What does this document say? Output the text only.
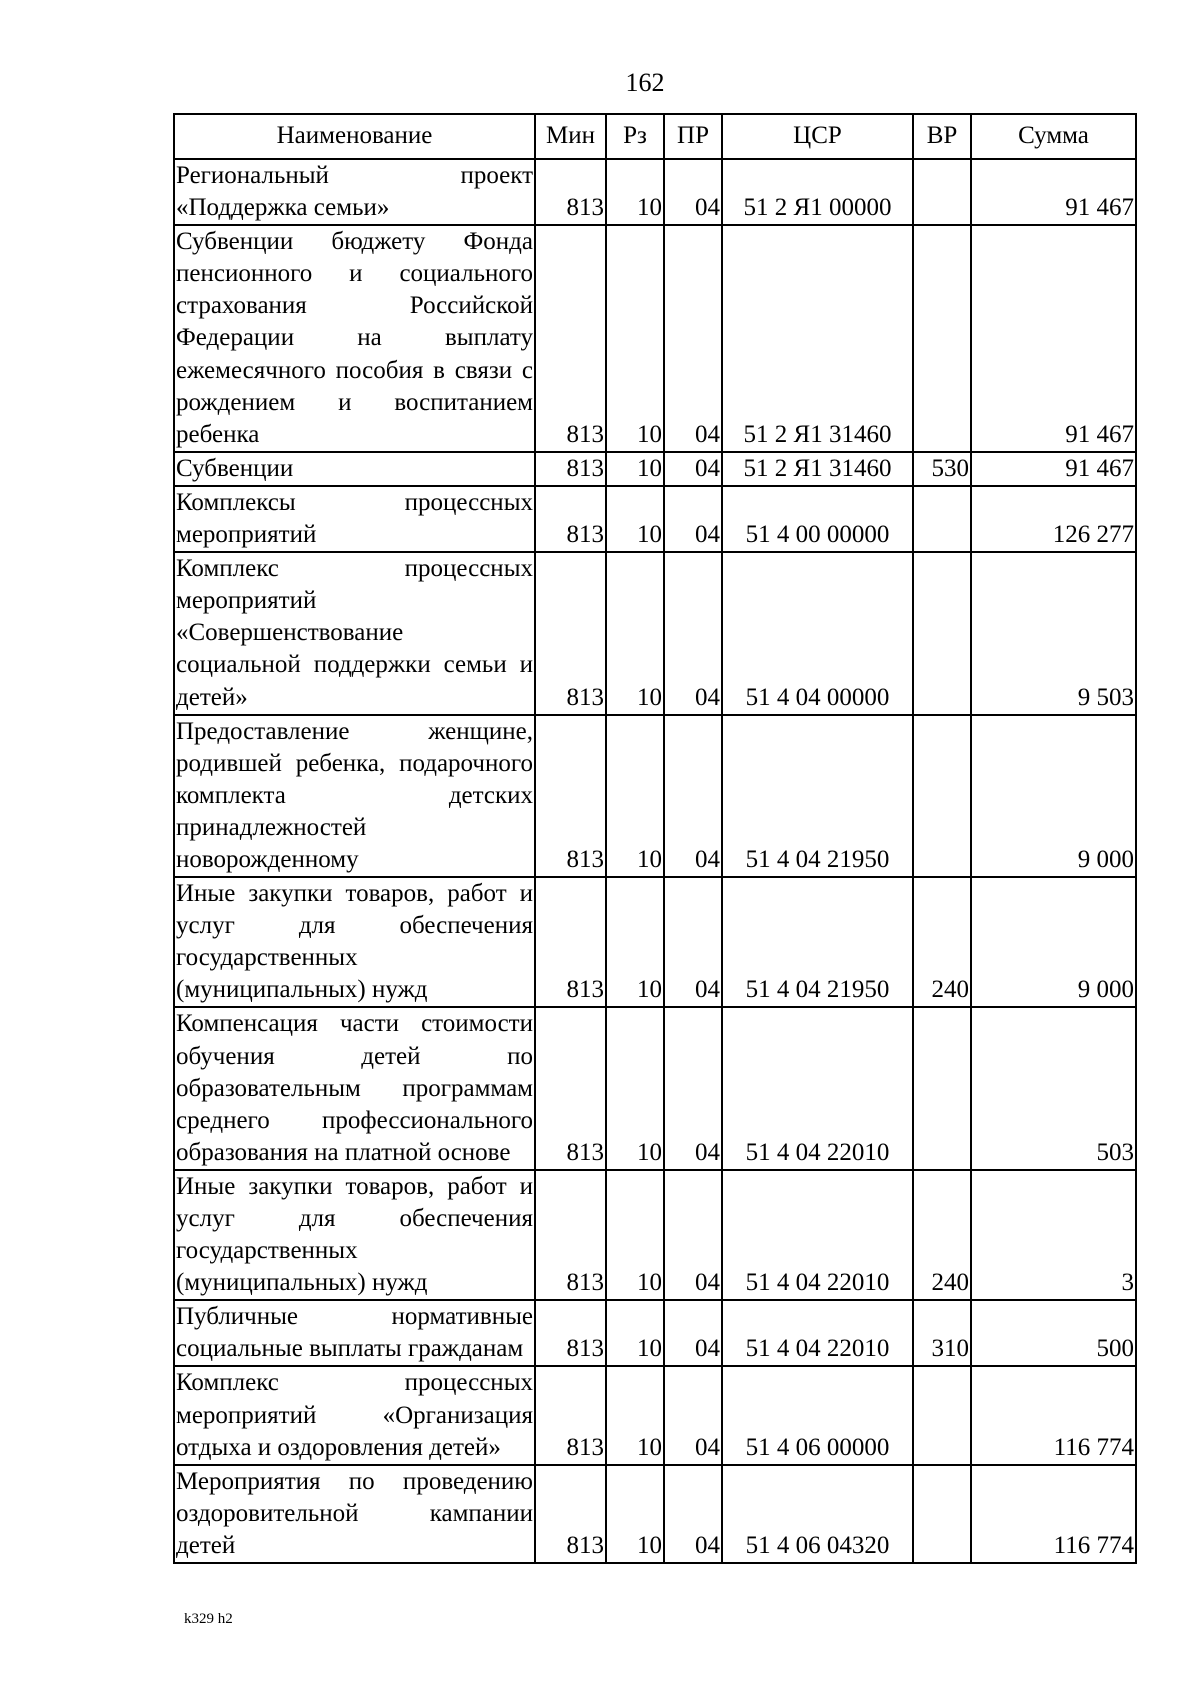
162
Наименование	Мин	Рз	ПР	ЦСР	ВР	Сумма
Региональный проект «Поддержка семьи»	813	10	04	51 2 Я1 00000		91 467
Субвенции бюджету Фонда пенсионного и социального страхования Российской Федерации на выплату ежемесячного пособия в связи с рождением и воспитанием ребенка	813	10	04	51 2 Я1 31460		91 467
Субвенции	813	10	04	51 2 Я1 31460	530	91 467
Комплексы процессных мероприятий	813	10	04	51 4 00 00000		126 277
Комплекс процессных мероприятий «Совершенствование социальной поддержки семьи и детей»	813	10	04	51 4 04 00000		9 503
Предоставление женщине, родившей ребенка, подарочного комплекта детских принадлежностей новорожденному	813	10	04	51 4 04 21950		9 000
Иные закупки товаров, работ и услуг для обеспечения государственных (муниципальных) нужд	813	10	04	51 4 04 21950	240	9 000
Компенсация части стоимости обучения детей по образовательным программам среднего профессионального образования на платной основе	813	10	04	51 4 04 22010		503
Иные закупки товаров, работ и услуг для обеспечения государственных (муниципальных) нужд	813	10	04	51 4 04 22010	240	3
Публичные нормативные социальные выплаты гражданам	813	10	04	51 4 04 22010	310	500
Комплекс процессных мероприятий «Организация отдыха и оздоровления детей»	813	10	04	51 4 06 00000		116 774
Мероприятия по проведению оздоровительной кампании детей	813	10	04	51 4 06 04320		116 774
k329 h2
